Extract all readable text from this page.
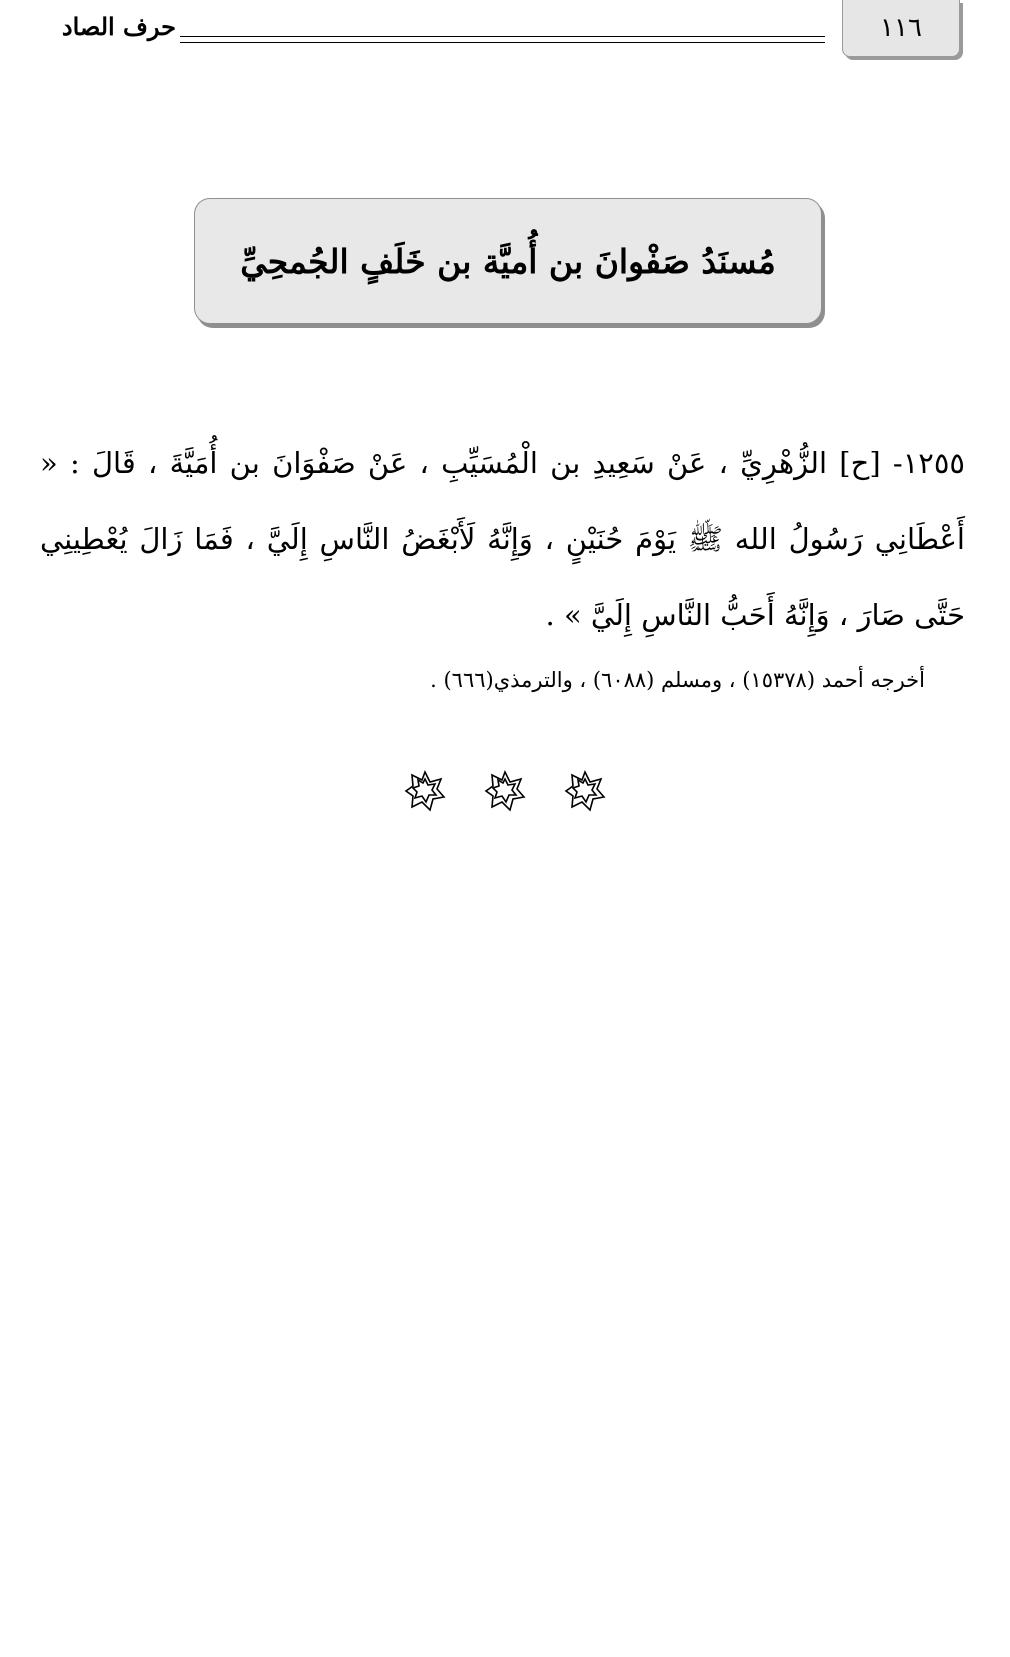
١١٦
حرف الصاد
مُسنَدُ صَفْوانَ بن أُميَّة بن خَلَفٍ الجُمحِيِّ
١٢٥٥- [ح] الزُّهْرِيِّ ، عَنْ سَعِيدِ بن الْمُسَيِّبِ ، عَنْ صَفْوَانَ بن أُمَيَّةَ ، قَالَ : « أَعْطَانِي رَسُولُ الله ﷺ يَوْمَ حُنَيْنٍ ، وَإِنَّهُ لَأَبْغَضُ النَّاسِ إِلَيَّ ، فَمَا زَالَ يُعْطِينِي حَتَّى صَارَ ، وَإِنَّهُ أَحَبُّ النَّاسِ إِلَيَّ » .
أخرجه أحمد (١٥٣٧٨) ، ومسلم (٦٠٨٨) ، والترمذي(٦٦٦) .
